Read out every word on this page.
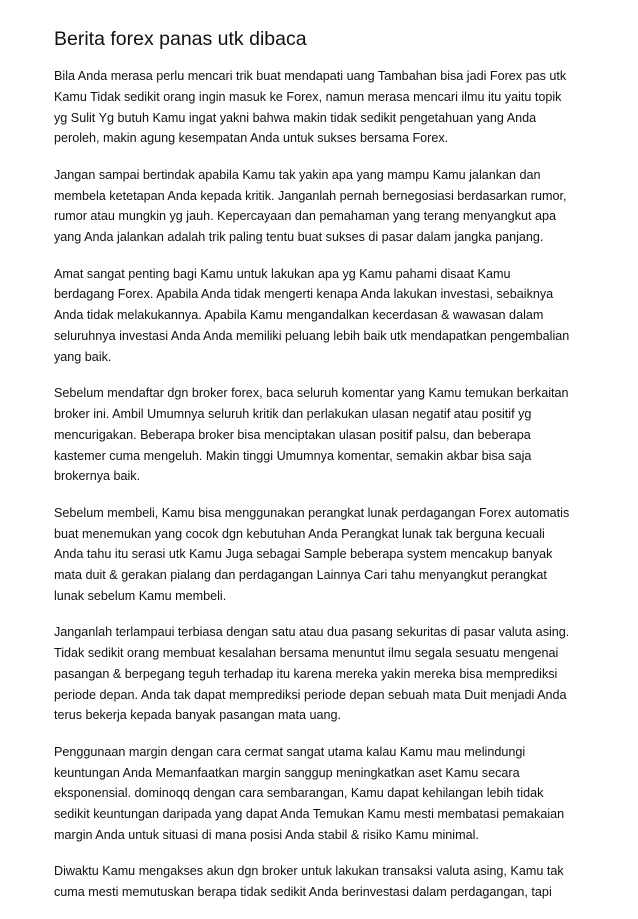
Berita forex panas utk dibaca

Bila Anda merasa perlu mencari trik buat mendapati uang Tambahan bisa jadi Forex pas utk
Kamu Tidak sedikit orang ingin masuk ke Forex, namun merasa mencari ilmu itu yaitu topik
yg Sulit Yg butuh Kamu ingat yakni bahwa makin tidak sedikit pengetahuan yang Anda
peroleh, makin agung kesempatan Anda untuk sukses bersama Forex.

Jangan sampai bertindak apabila Kamu tak yakin apa yang mampu Kamu jalankan dan
membela ketetapan Anda kepada kritik. Janganlah pernah bernegosiasi berdasarkan rumor,
rumor atau mungkin yg jauh. Kepercayaan dan pemahaman yang terang menyangkut apa
yang Anda jalankan adalah trik paling tentu buat sukses di pasar dalam jangka panjang.

Amat sangat penting bagi Kamu untuk lakukan apa yg Kamu pahami disaat Kamu
berdagang Forex. Apabila Anda tidak mengerti kenapa Anda lakukan investasi, sebaiknya
Anda tidak melakukannya. Apabila Kamu mengandalkan kecerdasan & wawasan dalam
seluruhnya investasi Anda Anda memiliki peluang lebih baik utk mendapatkan pengembalian
yang baik.

Sebelum mendaftar dgn broker forex, baca seluruh komentar yang Kamu temukan berkaitan
broker ini. Ambil Umumnya seluruh kritik dan perlakukan ulasan negatif atau positif yg
mencurigakan. Beberapa broker bisa menciptakan ulasan positif palsu, dan beberapa
kastemer cuma mengeluh. Makin tinggi Umumnya komentar, semakin akbar bisa saja
brokernya baik.

Sebelum membeli, Kamu bisa menggunakan perangkat lunak perdagangan Forex automatis
buat menemukan yang cocok dgn kebutuhan Anda Perangkat lunak tak berguna kecuali
Anda tahu itu serasi utk Kamu Juga sebagai Sample beberapa system mencakup banyak
mata duit & gerakan pialang dan perdagangan Lainnya Cari tahu menyangkut perangkat
lunak sebelum Kamu membeli.

Janganlah terlampaui terbiasa dengan satu atau dua pasang sekuritas di pasar valuta asing.
Tidak sedikit orang membuat kesalahan bersama menuntut ilmu segala sesuatu mengenai
pasangan & berpegang teguh terhadap itu karena mereka yakin mereka bisa memprediksi
periode depan. Anda tak dapat memprediksi periode depan sebuah mata Duit menjadi Anda
terus bekerja kepada banyak pasangan mata uang.

Penggunaan margin dengan cara cermat sangat utama kalau Kamu mau melindungi
keuntungan Anda Memanfaatkan margin sanggup meningkatkan aset Kamu secara
eksponensial. dominoqq dengan cara sembarangan, Kamu dapat kehilangan lebih tidak
sedikit keuntungan daripada yang dapat Anda Temukan Kamu mesti membatasi pemakaian
margin Anda untuk situasi di mana posisi Anda stabil & risiko Kamu minimal.

Diwaktu Kamu mengakses akun dgn broker untuk lakukan transaksi valuta asing, Kamu tak
cuma mesti memutuskan berapa tidak sedikit Anda berinvestasi dalam perdagangan, tapi
